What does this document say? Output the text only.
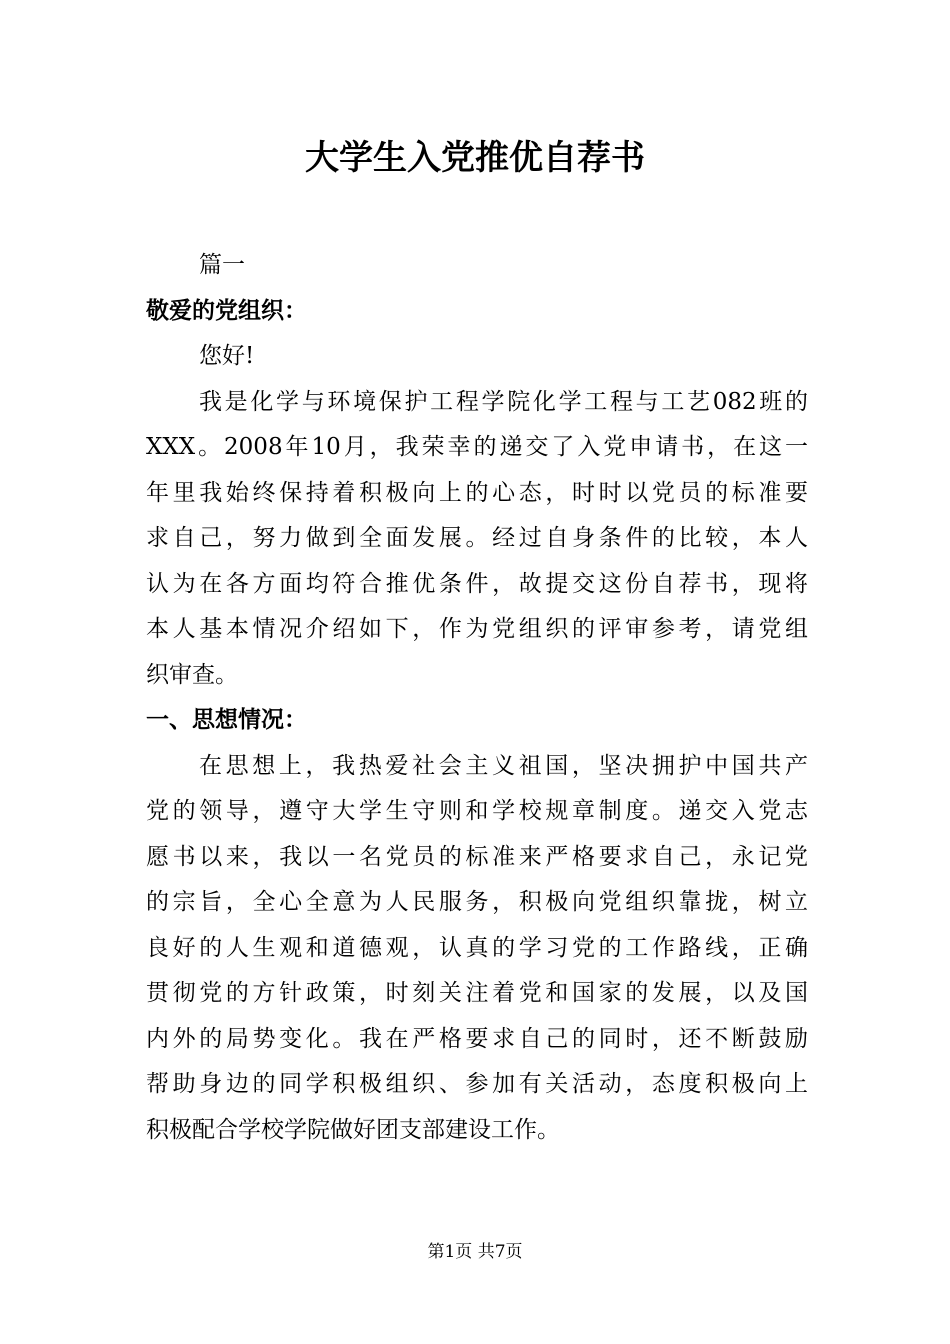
大学生入党推优自荐书
篇一
敬爱的党组织：
您好!
我是化学与环境保护工程学院化学工程与工艺082班的
XXX。2008年10月，我荣幸的递交了入党申请书，在这一
年里我始终保持着积极向上的心态，时时以党员的标准要
求自己，努力做到全面发展。经过自身条件的比较，本人
认为在各方面均符合推优条件，故提交这份自荐书，现将
本人基本情况介绍如下，作为党组织的评审参考，请党组
织审查。
一、思想情况：
在思想上，我热爱社会主义祖国，坚决拥护中国共产
党的领导，遵守大学生守则和学校规章制度。递交入党志
愿书以来，我以一名党员的标准来严格要求自己，永记党
的宗旨，全心全意为人民服务，积极向党组织靠拢，树立
良好的人生观和道德观，认真的学习党的工作路线，正确
贯彻党的方针政策，时刻关注着党和国家的发展，以及国
内外的局势变化。我在严格要求自己的同时，还不断鼓励
帮助身边的同学积极组织、参加有关活动，态度积极向上
积极配合学校学院做好团支部建设工作。
第1页 共7页
